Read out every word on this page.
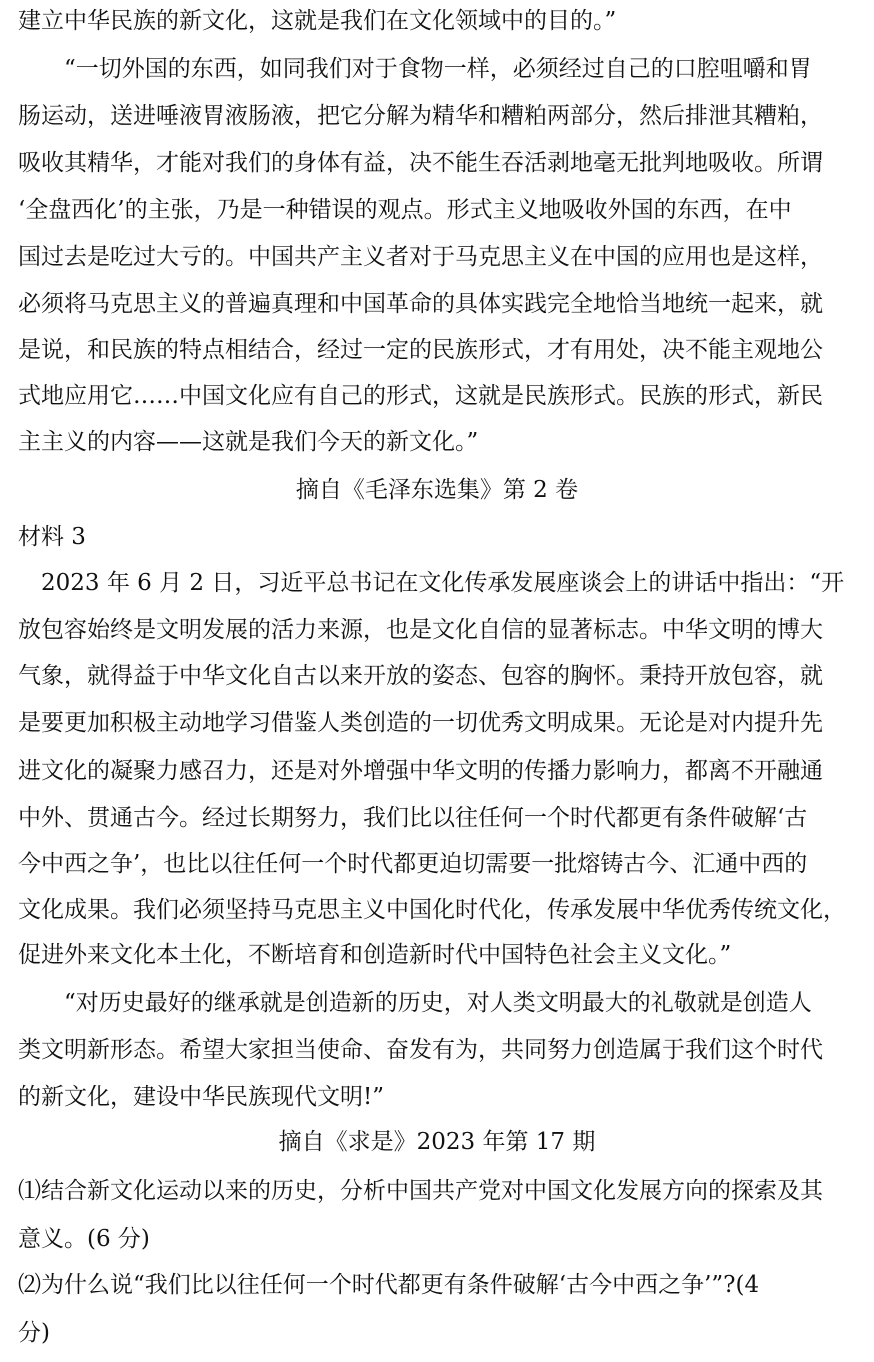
建立中华民族的新文化，这就是我们在文化领域中的目的。”
　　“一切外国的东西，如同我们对于食物一样，必须经过自己的口腔咀嚼和胃
肠运动，送进唾液胃液肠液，把它分解为精华和糟粕两部分，然后排泄其糟粕，
吸收其精华，才能对我们的身体有益，决不能生吞活剥地毫无批判地吸收。所谓
‘全盘西化’的主张，乃是一种错误的观点。形式主义地吸收外国的东西，在中
国过去是吃过大亏的。中国共产主义者对于马克思主义在中国的应用也是这样，
必须将马克思主义的普遍真理和中国革命的具体实践完全地恰当地统一起来，就
是说，和民族的特点相结合，经过一定的民族形式，才有用处，决不能主观地公
式地应用它……中国文化应有自己的形式，这就是民族形式。民族的形式，新民
主主义的内容——这就是我们今天的新文化。”
摘自《毛泽东选集》第 2 卷
材料 3
　2023 年 6 月 2 日，习近平总书记在文化传承发展座谈会上的讲话中指出：“开
放包容始终是文明发展的活力来源，也是文化自信的显著标志。中华文明的博大
气象，就得益于中华文化自古以来开放的姿态、包容的胸怀。秉持开放包容，就
是要更加积极主动地学习借鉴人类创造的一切优秀文明成果。无论是对内提升先
进文化的凝聚力感召力，还是对外增强中华文明的传播力影响力，都离不开融通
中外、贯通古今。经过长期努力，我们比以往任何一个时代都更有条件破解‘古
今中西之争’，也比以往任何一个时代都更迫切需要一批熔铸古今、汇通中西的
文化成果。我们必须坚持马克思主义中国化时代化，传承发展中华优秀传统文化，
促进外来文化本土化，不断培育和创造新时代中国特色社会主义文化。”
　　“对历史最好的继承就是创造新的历史，对人类文明最大的礼敬就是创造人
类文明新形态。希望大家担当使命、奋发有为，共同努力创造属于我们这个时代
的新文化，建设中华民族现代文明!”
摘自《求是》2023 年第 17 期
⑴结合新文化运动以来的历史，分析中国共产党对中国文化发展方向的探索及其
意义。(6 分)
⑵为什么说“我们比以往任何一个时代都更有条件破解‘古今中西之争’”?(4
分)
